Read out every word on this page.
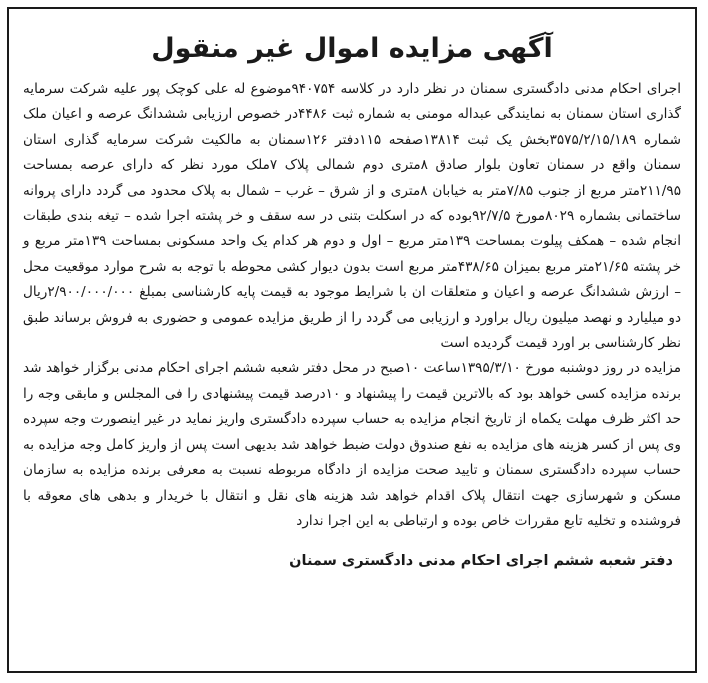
آگهی مزایده اموال غیر منقول

اجرای احکام مدنی دادگستری سمنان در نظر دارد در کلاسه ۹۴۰۷۵۴موضوع له علی کوچک پور علیه شرکت سرمایه گذاری استان سمنان به نمایندگی عبداله مومنی به شماره ثبت ۴۴۸۶در خصوص ارزیابی ششدانگ عرصه و اعیان ملک شماره ۳۵۷۵/۲/۱۵/۱۸۹بخش یک ثبت ۱۳۸۱۴صفحه ۱۱۵دفتر ۱۲۶سمنان به مالکیت شرکت سرمایه گذاری استان سمنان واقع در سمنان تعاون بلوار صادق ۸متری دوم شمالی پلاک ۷ملک مورد نظر که دارای عرصه بمساحت ۲۱۱/۹۵متر مربع از جنوب ۷/۸۵متر به خیابان ۸متری و از شرق – غرب – شمال به پلاک محدود می گردد دارای پروانه ساختمانی بشماره ۸۰۲۹مورخ ۹۲/۷/۵بوده که در اسکلت بتنی در سه سقف و خر پشته اجرا شده – تیغه بندی طبقات انجام شده – همکف پیلوت بمساحت ۱۳۹متر مربع – اول و دوم هر کدام یک واحد مسکونی بمساحت ۱۳۹متر مربع و خر پشته ۲۱/۶۵متر مربع بمیزان ۴۳۸/۶۵متر مربع است بدون دیوار کشی محوطه با توجه به شرح موارد موقعیت محل – ارزش ششدانگ عرصه و اعیان و متعلقات ان با شرایط موجود به قیمت پایه کارشناسی بمبلغ ۲/۹۰۰/۰۰۰/۰۰۰ریال دو میلیارد و نهصد میلیون ریال براورد و ارزیابی می گردد را از طریق مزایده عمومی و حضوری به فروش برساند طبق نظر کارشناسی بر اورد قیمت گردیده است

مزایده در روز دوشنبه مورخ ۱۳۹۵/۳/۱۰ساعت ۱۰صبح در محل دفتر شعبه ششم اجرای احکام مدنی برگزار خواهد شد برنده مزایده کسی خواهد بود که بالاترین قیمت را پیشنهاد و ۱۰درصد قیمت پیشنهادی را فی المجلس و مابقی وجه را حد اکثر ظرف مهلت یکماه از تاریخ انجام مزایده به حساب سپرده دادگستری واریز نماید در غیر اینصورت وجه سپرده وی پس از کسر هزینه های مزایده به نفع صندوق دولت ضبط خواهد شد بدیهی است پس از واریز کامل وجه مزایده به حساب سپرده دادگستری سمنان و تایید صحت مزایده از دادگاه مربوطه نسبت به معرفی برنده مزایده به سازمان مسکن و شهرسازی جهت انتقال پلاک اقدام خواهد شد هزینه های نقل و انتقال با خریدار و بدهی های معوقه با فروشنده و تخلیه تابع مقررات خاص بوده و ارتباطی به این اجرا ندارد

دفتر شعبه ششم اجرای احکام مدنی دادگستری سمنان
